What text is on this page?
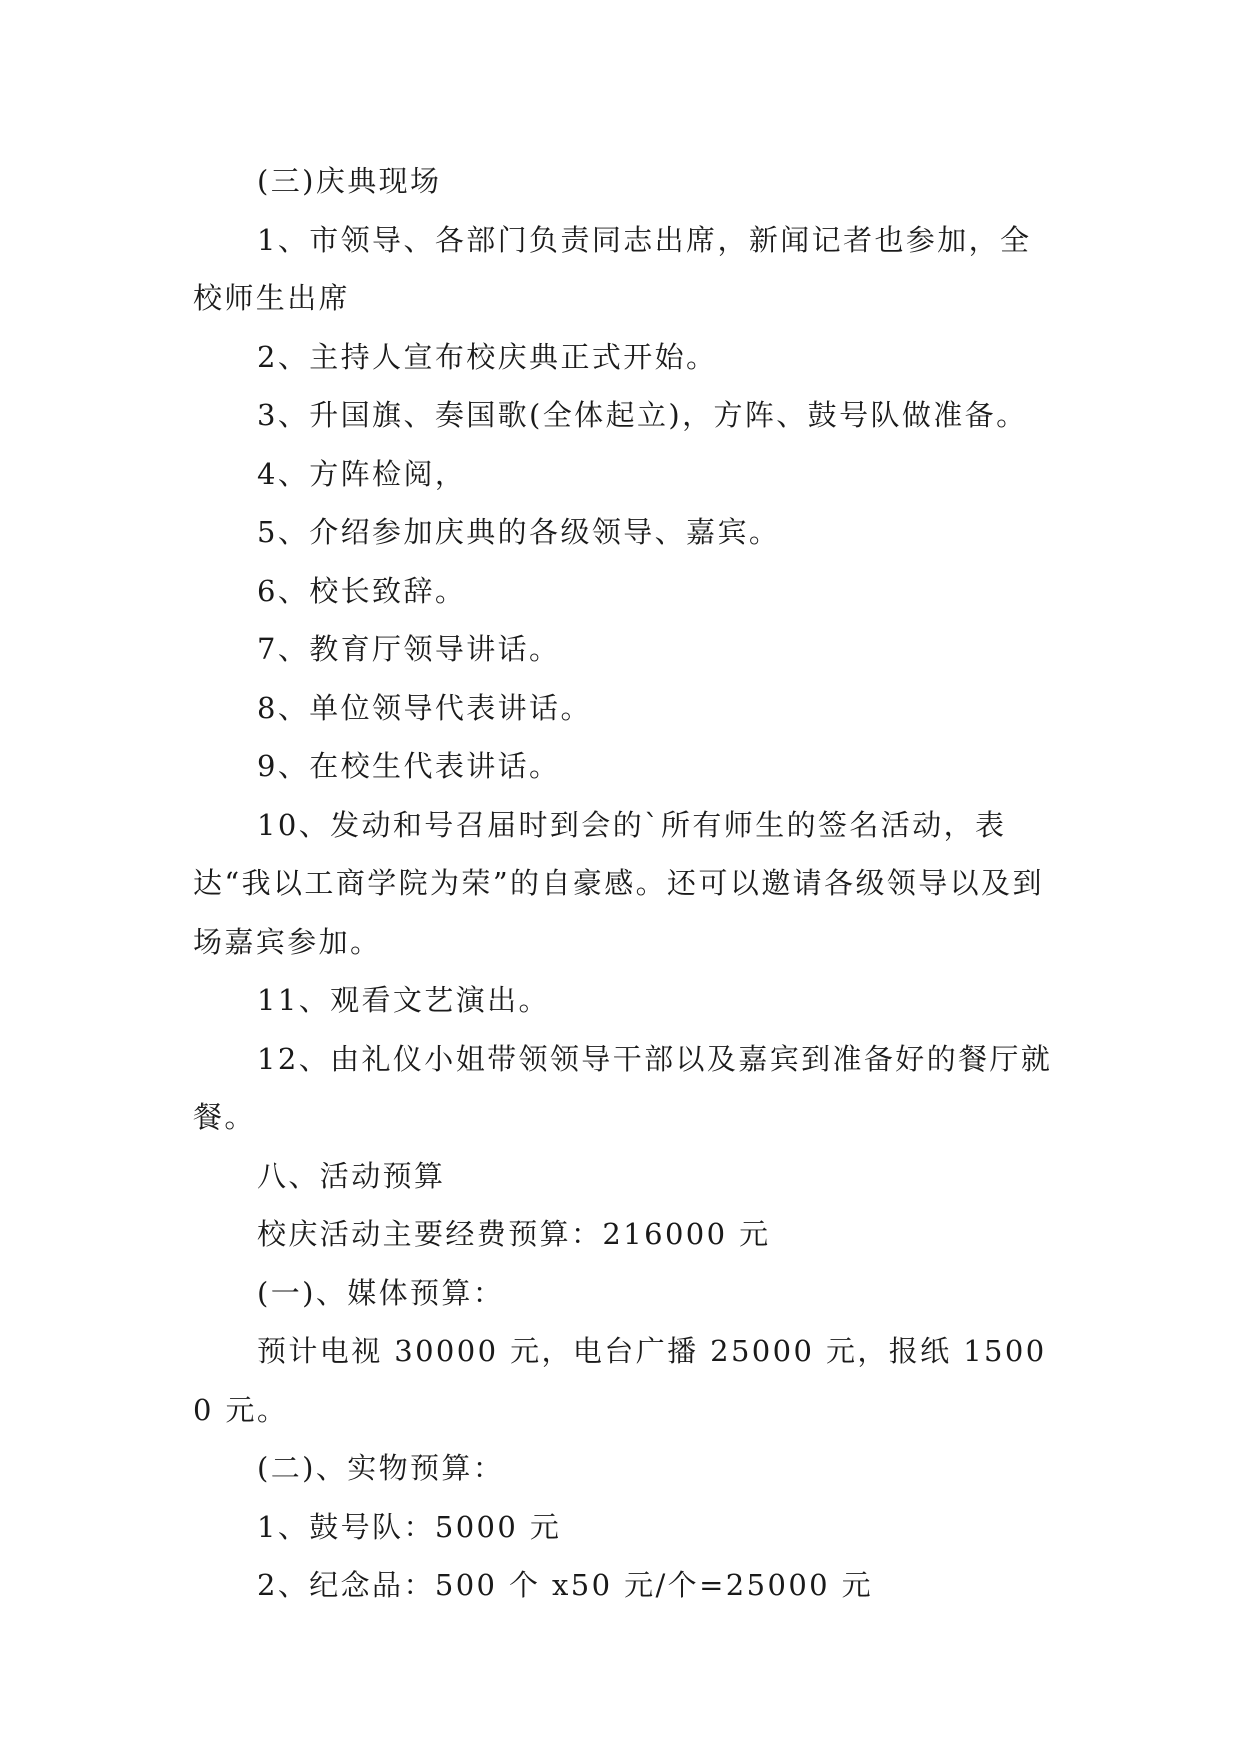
(三)庆典现场

1、市领导、各部门负责同志出席，新闻记者也参加，全校师生出席

2、主持人宣布校庆典正式开始。

3、升国旗、奏国歌(全体起立)，方阵、鼓号队做准备。

4、方阵检阅，

5、介绍参加庆典的各级领导、嘉宾。

6、校长致辞。

7、教育厅领导讲话。

8、单位领导代表讲话。

9、在校生代表讲话。

10、发动和号召届时到会的`所有师生的签名活动，表达“我以工商学院为荣”的自豪感。还可以邀请各级领导以及到场嘉宾参加。

11、观看文艺演出。

12、由礼仪小姐带领领导干部以及嘉宾到准备好的餐厅就餐。

八、活动预算

校庆活动主要经费预算：216000 元

(一)、媒体预算：

预计电视 30000 元，电台广播 25000 元，报纸 15000 元。

(二)、实物预算：

1、鼓号队：5000 元

2、纪念品：500 个 x50 元/个=25000 元
